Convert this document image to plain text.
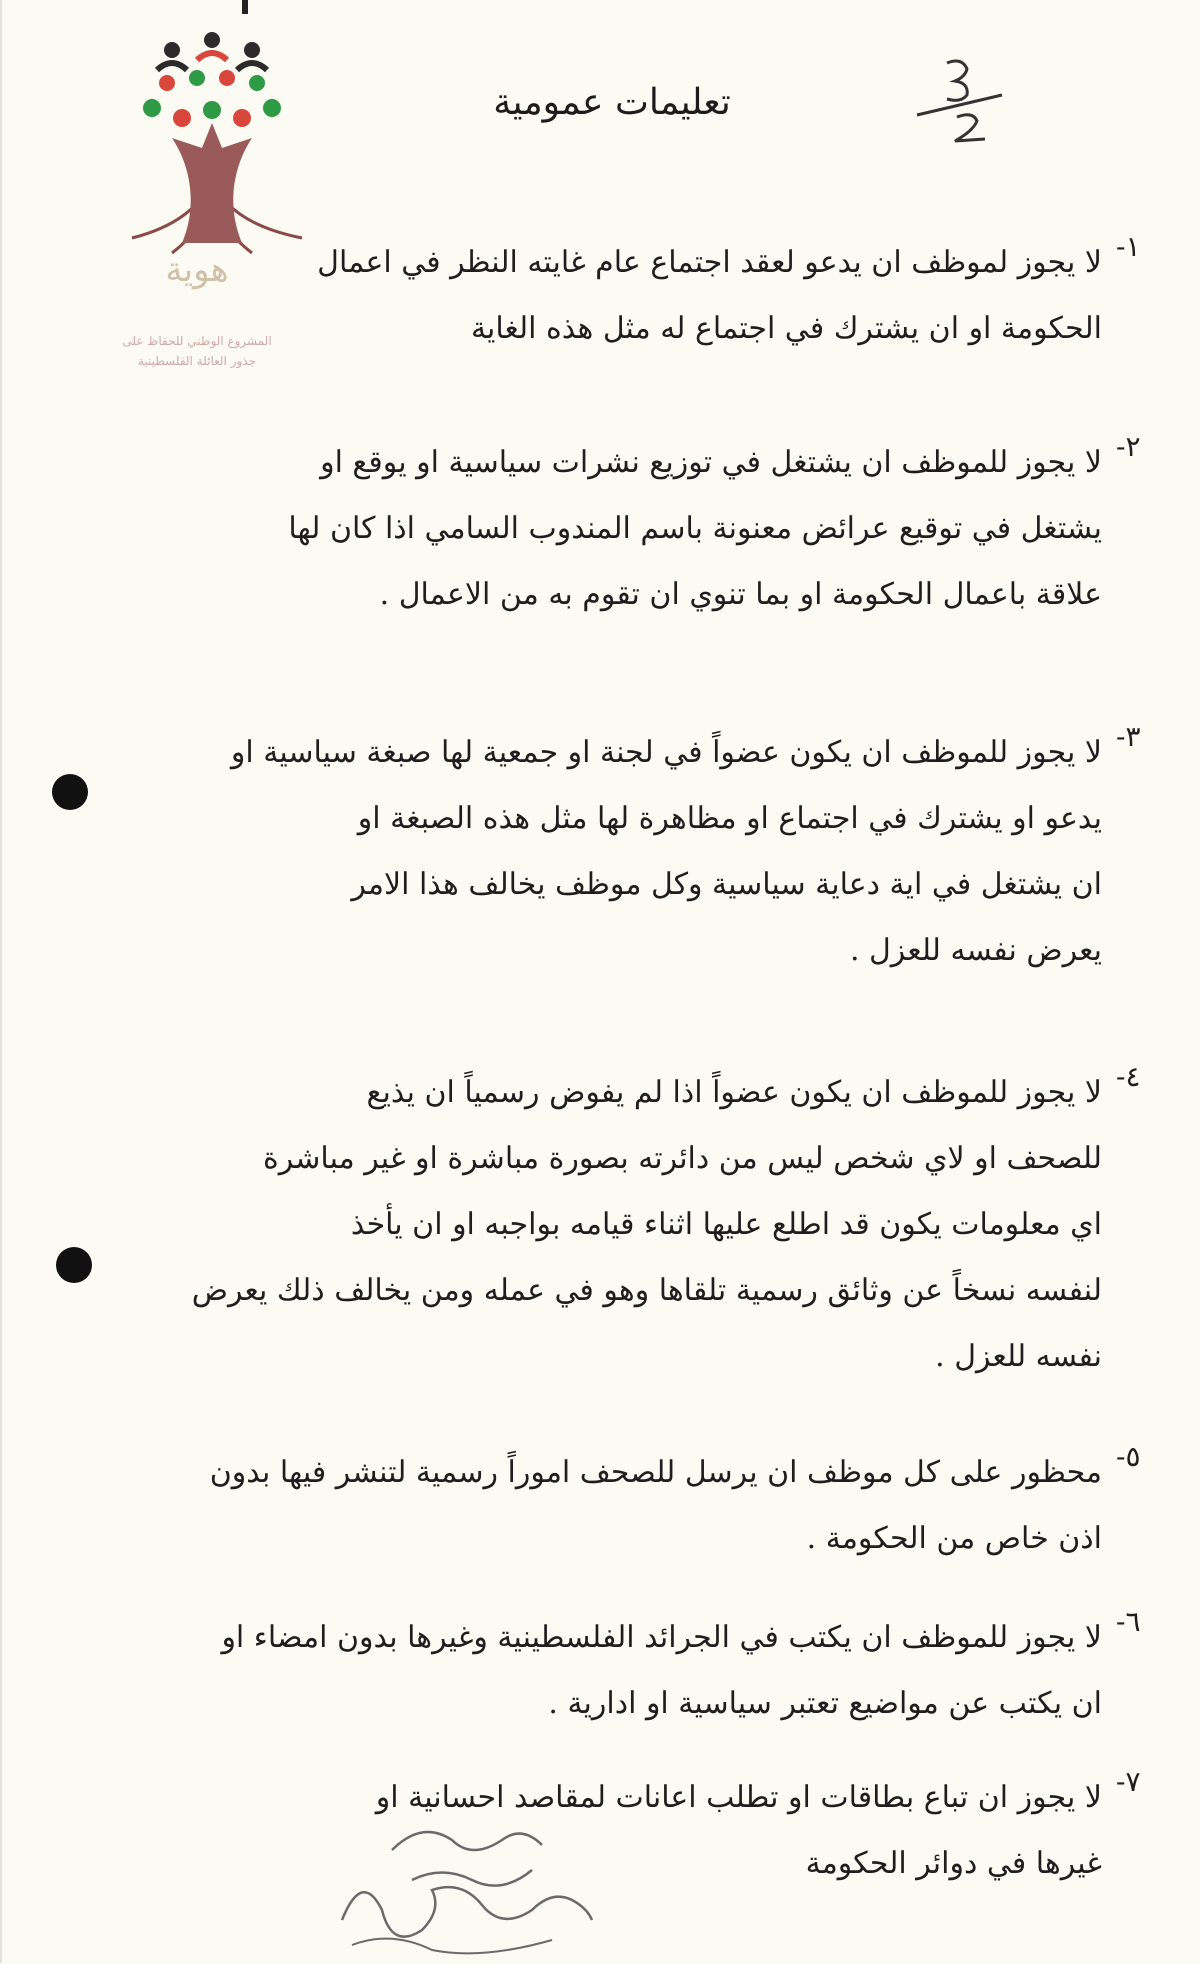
هوية
المشروع الوطني للحفاظ على
جذور العائلة الفلسطينية
تعليمات عمومية
١-
لا يجوز لموظف ان يدعو لعقد اجتماع عام غايته النظر في اعمال
الحكومة او ان يشترك في اجتماع له مثل هذه الغاية
٢-
لا يجوز للموظف ان يشتغل في توزيع نشرات سياسية او يوقع او
يشتغل في توقيع عرائض معنونة باسم المندوب السامي اذا كان لها
علاقة باعمال الحكومة او بما تنوي ان تقوم به من الاعمال .
٣-
لا يجوز للموظف ان يكون عضواً في لجنة او جمعية لها صبغة سياسية او
يدعو او يشترك في اجتماع او مظاهرة لها مثل هذه الصبغة او
ان يشتغل في اية دعاية سياسية وكل موظف يخالف هذا الامر
يعرض نفسه للعزل .
٤-
لا يجوز للموظف ان يكون عضواً اذا لم يفوض رسمياً ان يذيع
للصحف او لاي شخص ليس من دائرته بصورة مباشرة او غير مباشرة
اي معلومات يكون قد اطلع عليها اثناء قيامه بواجبه او ان يأخذ
لنفسه نسخاً عن وثائق رسمية تلقاها وهو في عمله ومن يخالف ذلك يعرض
نفسه للعزل .
٥-
محظور على كل موظف ان يرسل للصحف اموراً رسمية لتنشر فيها بدون
اذن خاص من الحكومة .
٦-
لا يجوز للموظف ان يكتب في الجرائد الفلسطينية وغيرها بدون امضاء او
ان يكتب عن مواضيع تعتبر سياسية او ادارية .
٧-
لا يجوز ان تباع بطاقات او تطلب اعانات لمقاصد احسانية او
غيرها في دوائر الحكومة
